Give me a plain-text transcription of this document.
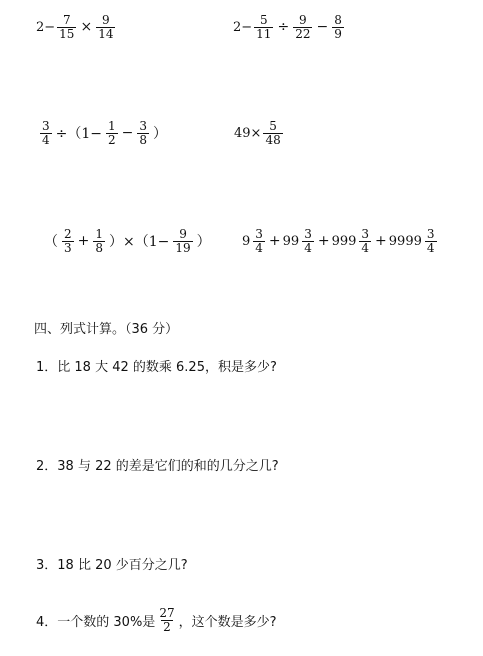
$2- \frac{7}{15} \times \frac{9}{14}$	$2- \frac{5}{11} \div \frac{9}{22} - \frac{8}{9}$
$\frac{3}{4} \div(1- \frac{1}{2} - \frac{3}{8}$ ）	$49\times \frac{5}{48}$
（ $\frac{2}{3} + \frac{1}{8} )\times(1- \frac{9}{19}$ ） $9 \frac{3}{4} + 99 \frac{3}{4} + 999 \frac{3}{4} + 9999 \frac{3}{4}$
四、列式计算。（36 分）
1．比 18 大 42 的数乘 6.25，积是多少?
2．38 与 22 的差是它们的和的几分之几?
3．18 比 20 少百分之几?
4．一个数的 30%是 $\frac{27}{2}$ ，这个数是多少?
